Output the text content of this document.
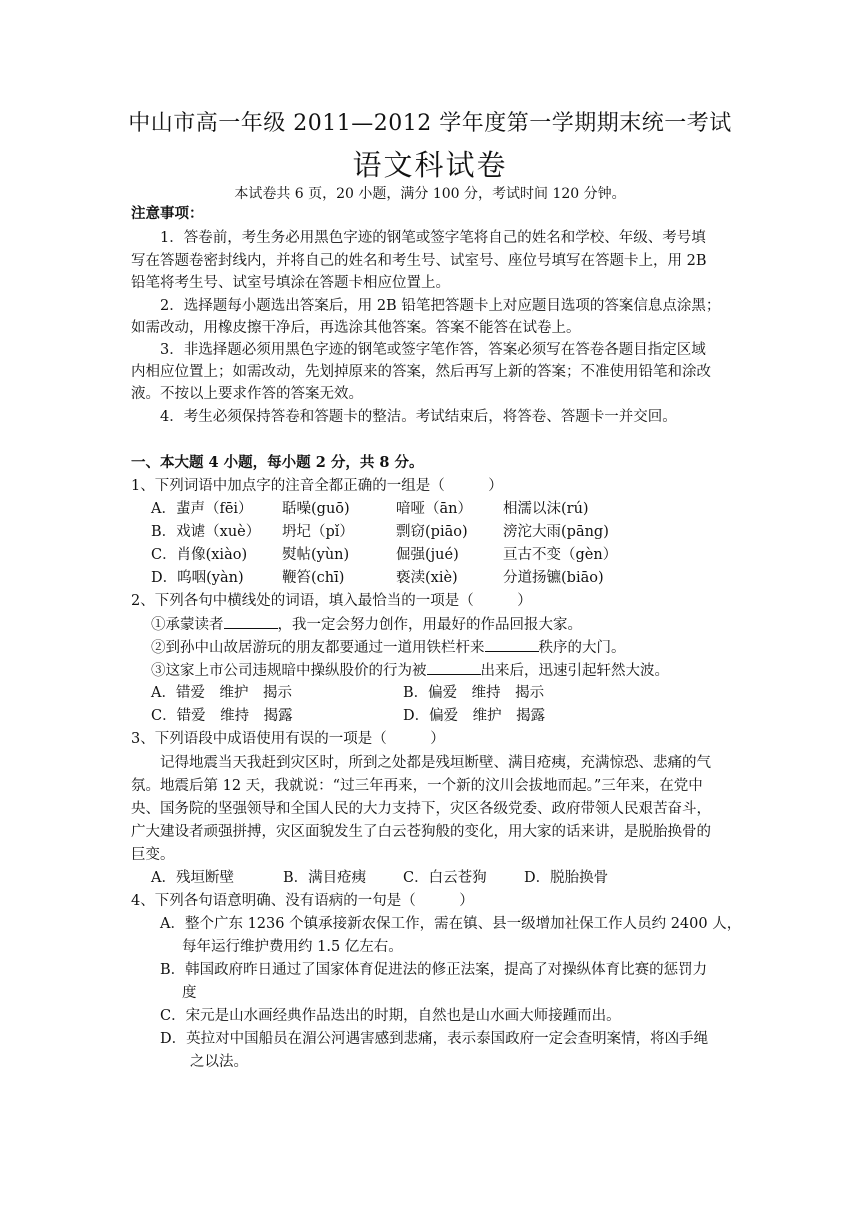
中山市高一年级 2011—2012 学年度第一学期期末统一考试
语文科试卷
本试卷共 6 页，20 小题，满分 100 分，考试时间 120 分钟。
注意事项：
1．答卷前，考生务必用黑色字迹的钢笔或签字笔将自己的姓名和学校、年级、考号填
写在答题卷密封线内，并将自己的姓名和考生号、试室号、座位号填写在答题卡上，用 2B
铅笔将考生号、试室号填涂在答题卡相应位置上。
2．选择题每小题选出答案后，用 2B 铅笔把答题卡上对应题目选项的答案信息点涂黑；
如需改动，用橡皮擦干净后，再选涂其他答案。答案不能答在试卷上。
3．非选择题必须用黑色字迹的钢笔或签字笔作答，答案必须写在答卷各题目指定区域
内相应位置上；如需改动，先划掉原来的答案，然后再写上新的答案；不准使用铅笔和涂改
液。不按以上要求作答的答案无效。
4．考生必须保持答卷和答题卡的整洁。考试结束后，将答卷、答题卡一并交回。
一、本大题 4 小题，每小题 2 分，共 8 分。
1、下列词语中加点字的注音全都正确的一组是（　　　）
A．蜚声（fēi） 聒噪(guō)	喑哑（ān） 相濡以沫(rú)
B．戏谑（xuè） 坍圮（pǐ）	剽窃(piāo) 滂沱大雨(pāng)
C．肖像(xiào) 熨帖(yùn)	倔强(jué)	亘古不变（gèn）
D．呜咽(yàn)	鞭笞(chī)	亵渎(xiè)	分道扬镳(biāo)
2、下列各句中横线处的词语，填入最恰当的一项是（　　　）
①承蒙读者	，我一定会努力创作，用最好的作品回报大家。
②到孙中山故居游玩的朋友都要通过一道用铁栏杆来	秩序的大门。
③这家上市公司违规暗中操纵股价的行为被	出来后，迅速引起轩然大波。
A．错爱　维护　揭示	B．偏爱　维持　揭示
C．错爱　维持　揭露	D．偏爱　维护　揭露
3、下列语段中成语使用有误的一项是（　　　）
记得地震当天我赶到灾区时，所到之处都是残垣断壁、满目疮痍，充满惊恐、悲痛的气
氛。地震后第 12 天，我就说：“过三年再来，一个新的汶川会拔地而起。”三年来，在党中
央、国务院的坚强领导和全国人民的大力支持下，灾区各级党委、政府带领人民艰苦奋斗，
广大建设者顽强拼搏，灾区面貌发生了白云苍狗般的变化，用大家的话来讲，是脱胎换骨的
巨变。
A．残垣断壁	B．满目疮痍	C．白云苍狗	D．脱胎换骨
4、下列各句语意明确、没有语病的一句是（　　　）
A．整个广东 1236 个镇承接新农保工作，需在镇、县一级增加社保工作人员约 2400 人，
每年运行维护费用约 1.5 亿左右。
B．韩国政府昨日通过了国家体育促进法的修正法案，提高了对操纵体育比赛的惩罚力
度
C．宋元是山水画经典作品迭出的时期，自然也是山水画大师接踵而出。
D．英拉对中国船员在湄公河遇害感到悲痛，表示泰国政府一定会查明案情，将凶手绳
之以法。
